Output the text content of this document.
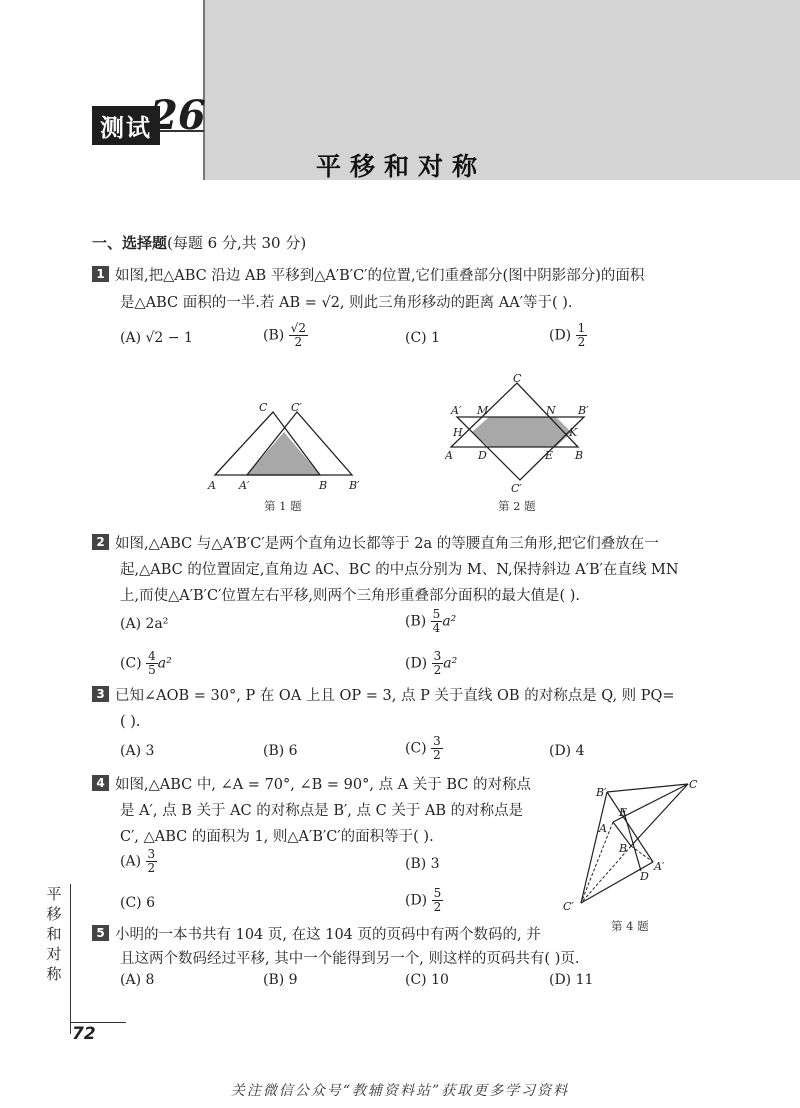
测试
26
平移和对称
一、选择题(每题 6 分,共 30 分)
1 如图,把△ABC 沿边 AB 平移到△A′B′C′的位置,它们重叠部分(图中阴影部分)的面积
是△ABC 面积的一半.若 AB = √2, 则此三角形移动的距离 AA′等于( ).
(A) √2 − 1	$(B) \frac{√2}{2}$	(C) 1	$(D) \frac{1}{2}$
A A′	B B′
C C′
第 1 题
C
C′
A′ M	N B′
H	K
A D	E B
第 2 题
2 如图,△ABC 与△A′B′C′是两个直角边长都等于 2a 的等腰直角三角形,把它们叠放在一
起,△ABC 的位置固定,直角边 AC、BC 的中点分别为 M、N,保持斜边 A′B′在直线 MN
上,而使△A′B′C′位置左右平移,则两个三角形重叠部分面积的最大值是( ).
(A) 2a²	$(B) \frac{5}{4} a^2$
$(C) \frac{4}{5} a^2$	$(D) \frac{3}{2} a^2$
3 已知∠AOB = 30°, P 在 OA 上且 OP = 3, 点 P 关于直线 OB 的对称点是 Q, 则 PQ=
( ).
(A) 3	(B) 6	$(C) \frac{3}{2}$	(D) 4
4 如图,△ABC 中, ∠A = 70°, ∠B = 90°, 点 A 关于 BC 的对称点
是 A′, 点 B 关于 AC 的对称点是 B′, 点 C 关于 AB 的对称点是
C′, △ABC 的面积为 1, 则△A′B′C′的面积等于( ).
$(A) \frac{3}{2}$	(B) 3
(C) 6	$(D) \frac{5}{2}$
B′
C
E
A
B
D
A′
C′
第 4 题
5 小明的一本书共有 104 页, 在这 104 页的页码中有两个数码的, 并
且这两个数码经过平移, 其中一个能得到另一个, 则这样的页码共有( )页.
(A) 8	(B) 9	(C) 10	(D) 11
平
移
和
对
称
72
关注微信公众号“教辅资料站”获取更多学习资料
